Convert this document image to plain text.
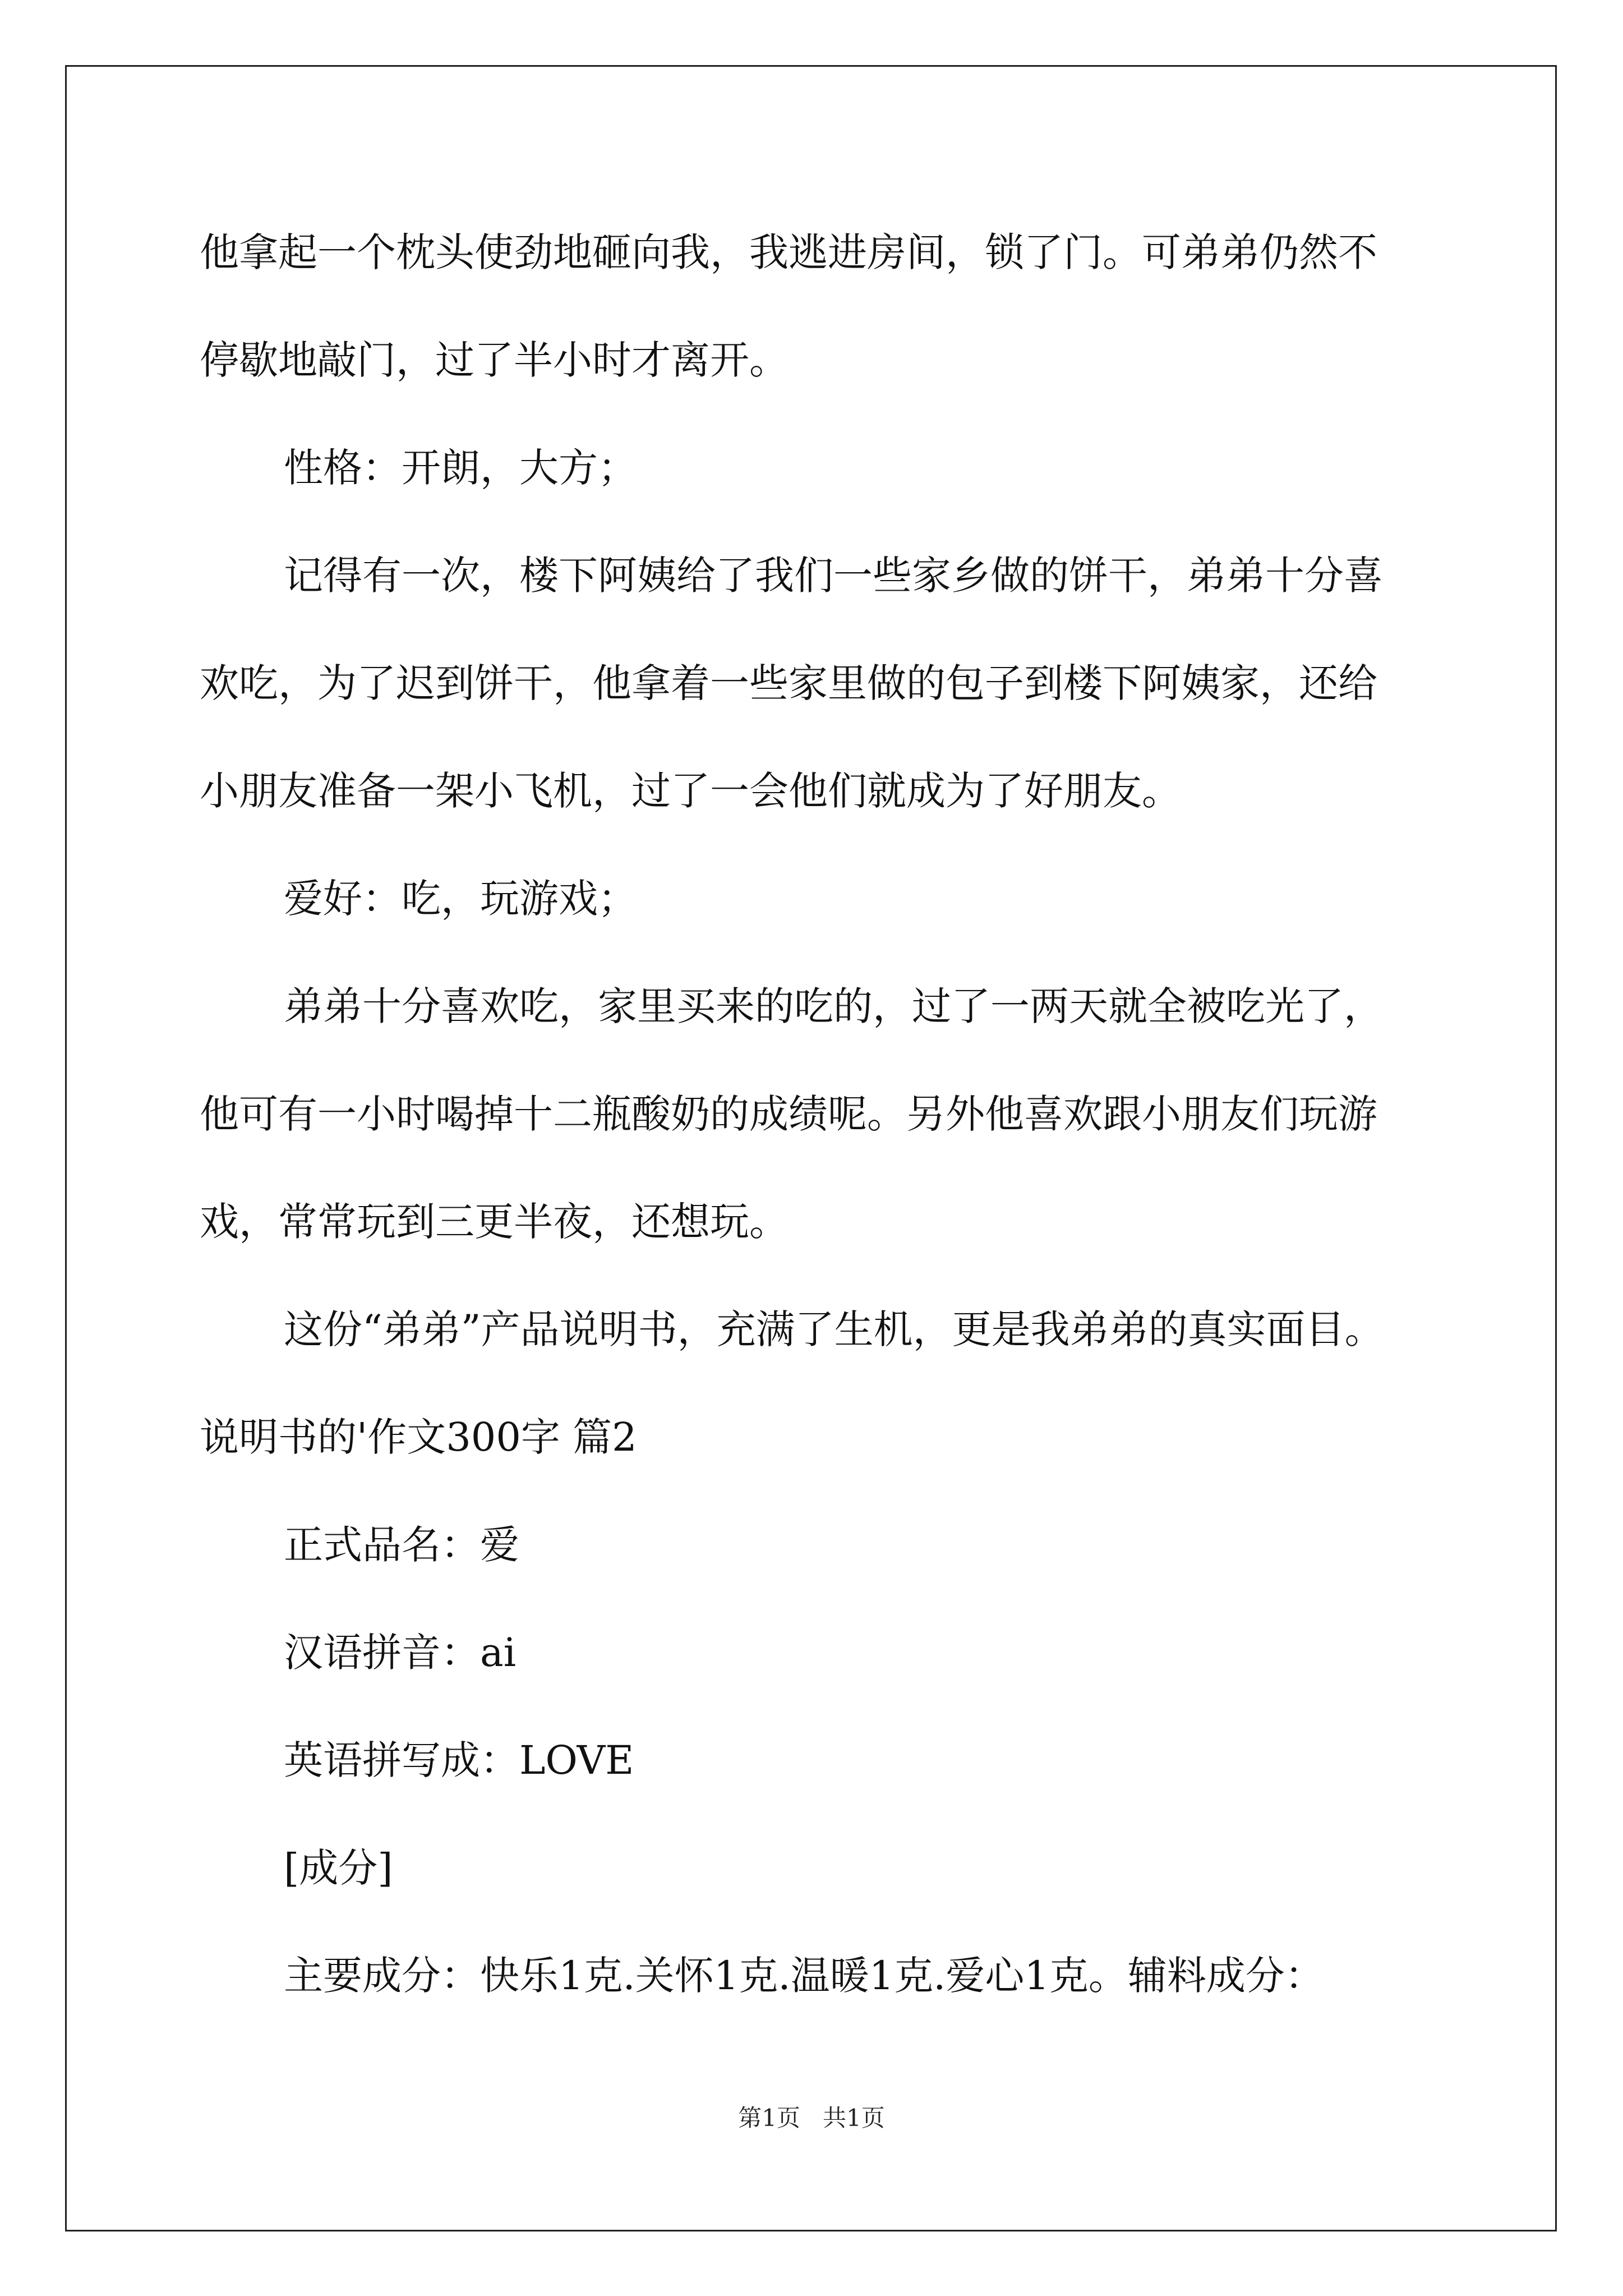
他拿起一个枕头使劲地砸向我，我逃进房间，锁了门。可弟弟仍然不
停歇地敲门，过了半小时才离开。
性格：开朗，大方；
记得有一次，楼下阿姨给了我们一些家乡做的饼干，弟弟十分喜
欢吃，为了迟到饼干，他拿着一些家里做的包子到楼下阿姨家，还给
小朋友准备一架小飞机，过了一会他们就成为了好朋友。
爱好：吃，玩游戏；
弟弟十分喜欢吃，家里买来的吃的，过了一两天就全被吃光了，
他可有一小时喝掉十二瓶酸奶的成绩呢。另外他喜欢跟小朋友们玩游
戏，常常玩到三更半夜，还想玩。
这份“弟弟”产品说明书，充满了生机，更是我弟弟的真实面目。
说明书的'作文300字 篇2
正式品名：爱
汉语拼音：ai
英语拼写成：LOVE
[成分]
主要成分：快乐1克.关怀1克.温暖1克.爱心1克。辅料成分：
第1页   共1页
